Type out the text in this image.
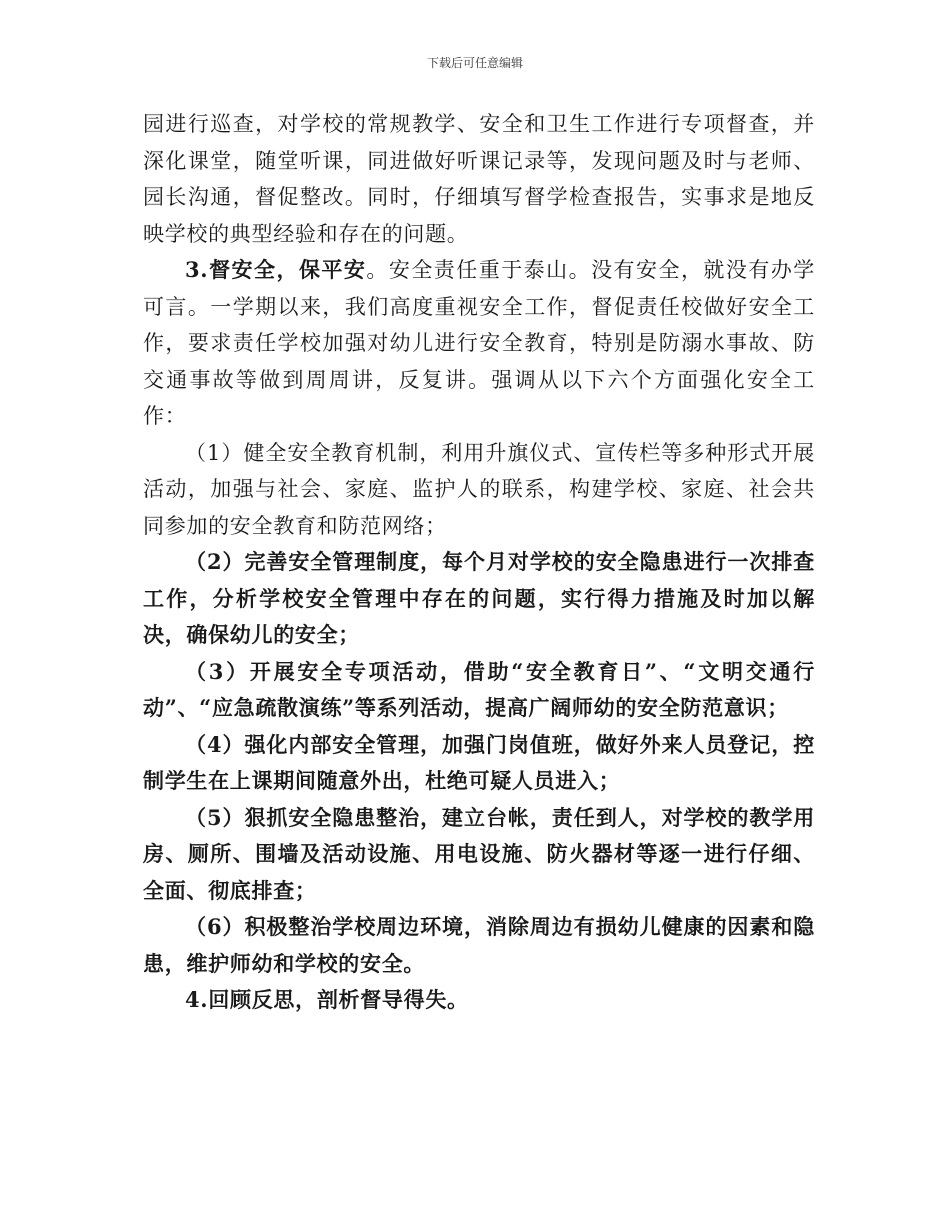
下载后可任意编辑

园进行巡查，对学校的常规教学、安全和卫生工作进行专项督查，并深化课堂，随堂听课，同进做好听课记录等，发现问题及时与老师、园长沟通，督促整改。同时，仔细填写督学检查报告，实事求是地反映学校的典型经验和存在的问题。

3.督安全，保平安。安全责任重于泰山。没有安全，就没有办学可言。一学期以来，我们高度重视安全工作，督促责任校做好安全工作，要求责任学校加强对幼儿进行安全教育，特别是防溺水事故、防交通事故等做到周周讲，反复讲。强调从以下六个方面强化安全工作：

（1）健全安全教育机制，利用升旗仪式、宣传栏等多种形式开展活动，加强与社会、家庭、监护人的联系，构建学校、家庭、社会共同参加的安全教育和防范网络；

（2）完善安全管理制度，每个月对学校的安全隐患进行一次排查工作，分析学校安全管理中存在的问题，实行得力措施及时加以解决，确保幼儿的安全；

（3）开展安全专项活动，借助“安全教育日”、“文明交通行动”、“应急疏散演练”等系列活动，提高广阔师幼的安全防范意识；

（4）强化内部安全管理，加强门岗值班，做好外来人员登记，控制学生在上课期间随意外出，杜绝可疑人员进入；

（5）狠抓安全隐患整治，建立台帐，责任到人，对学校的教学用房、厕所、围墙及活动设施、用电设施、防火器材等逐一进行仔细、全面、彻底排查；

（6）积极整治学校周边环境，消除周边有损幼儿健康的因素和隐患，维护师幼和学校的安全。

4.回顾反思，剖析督导得失。
